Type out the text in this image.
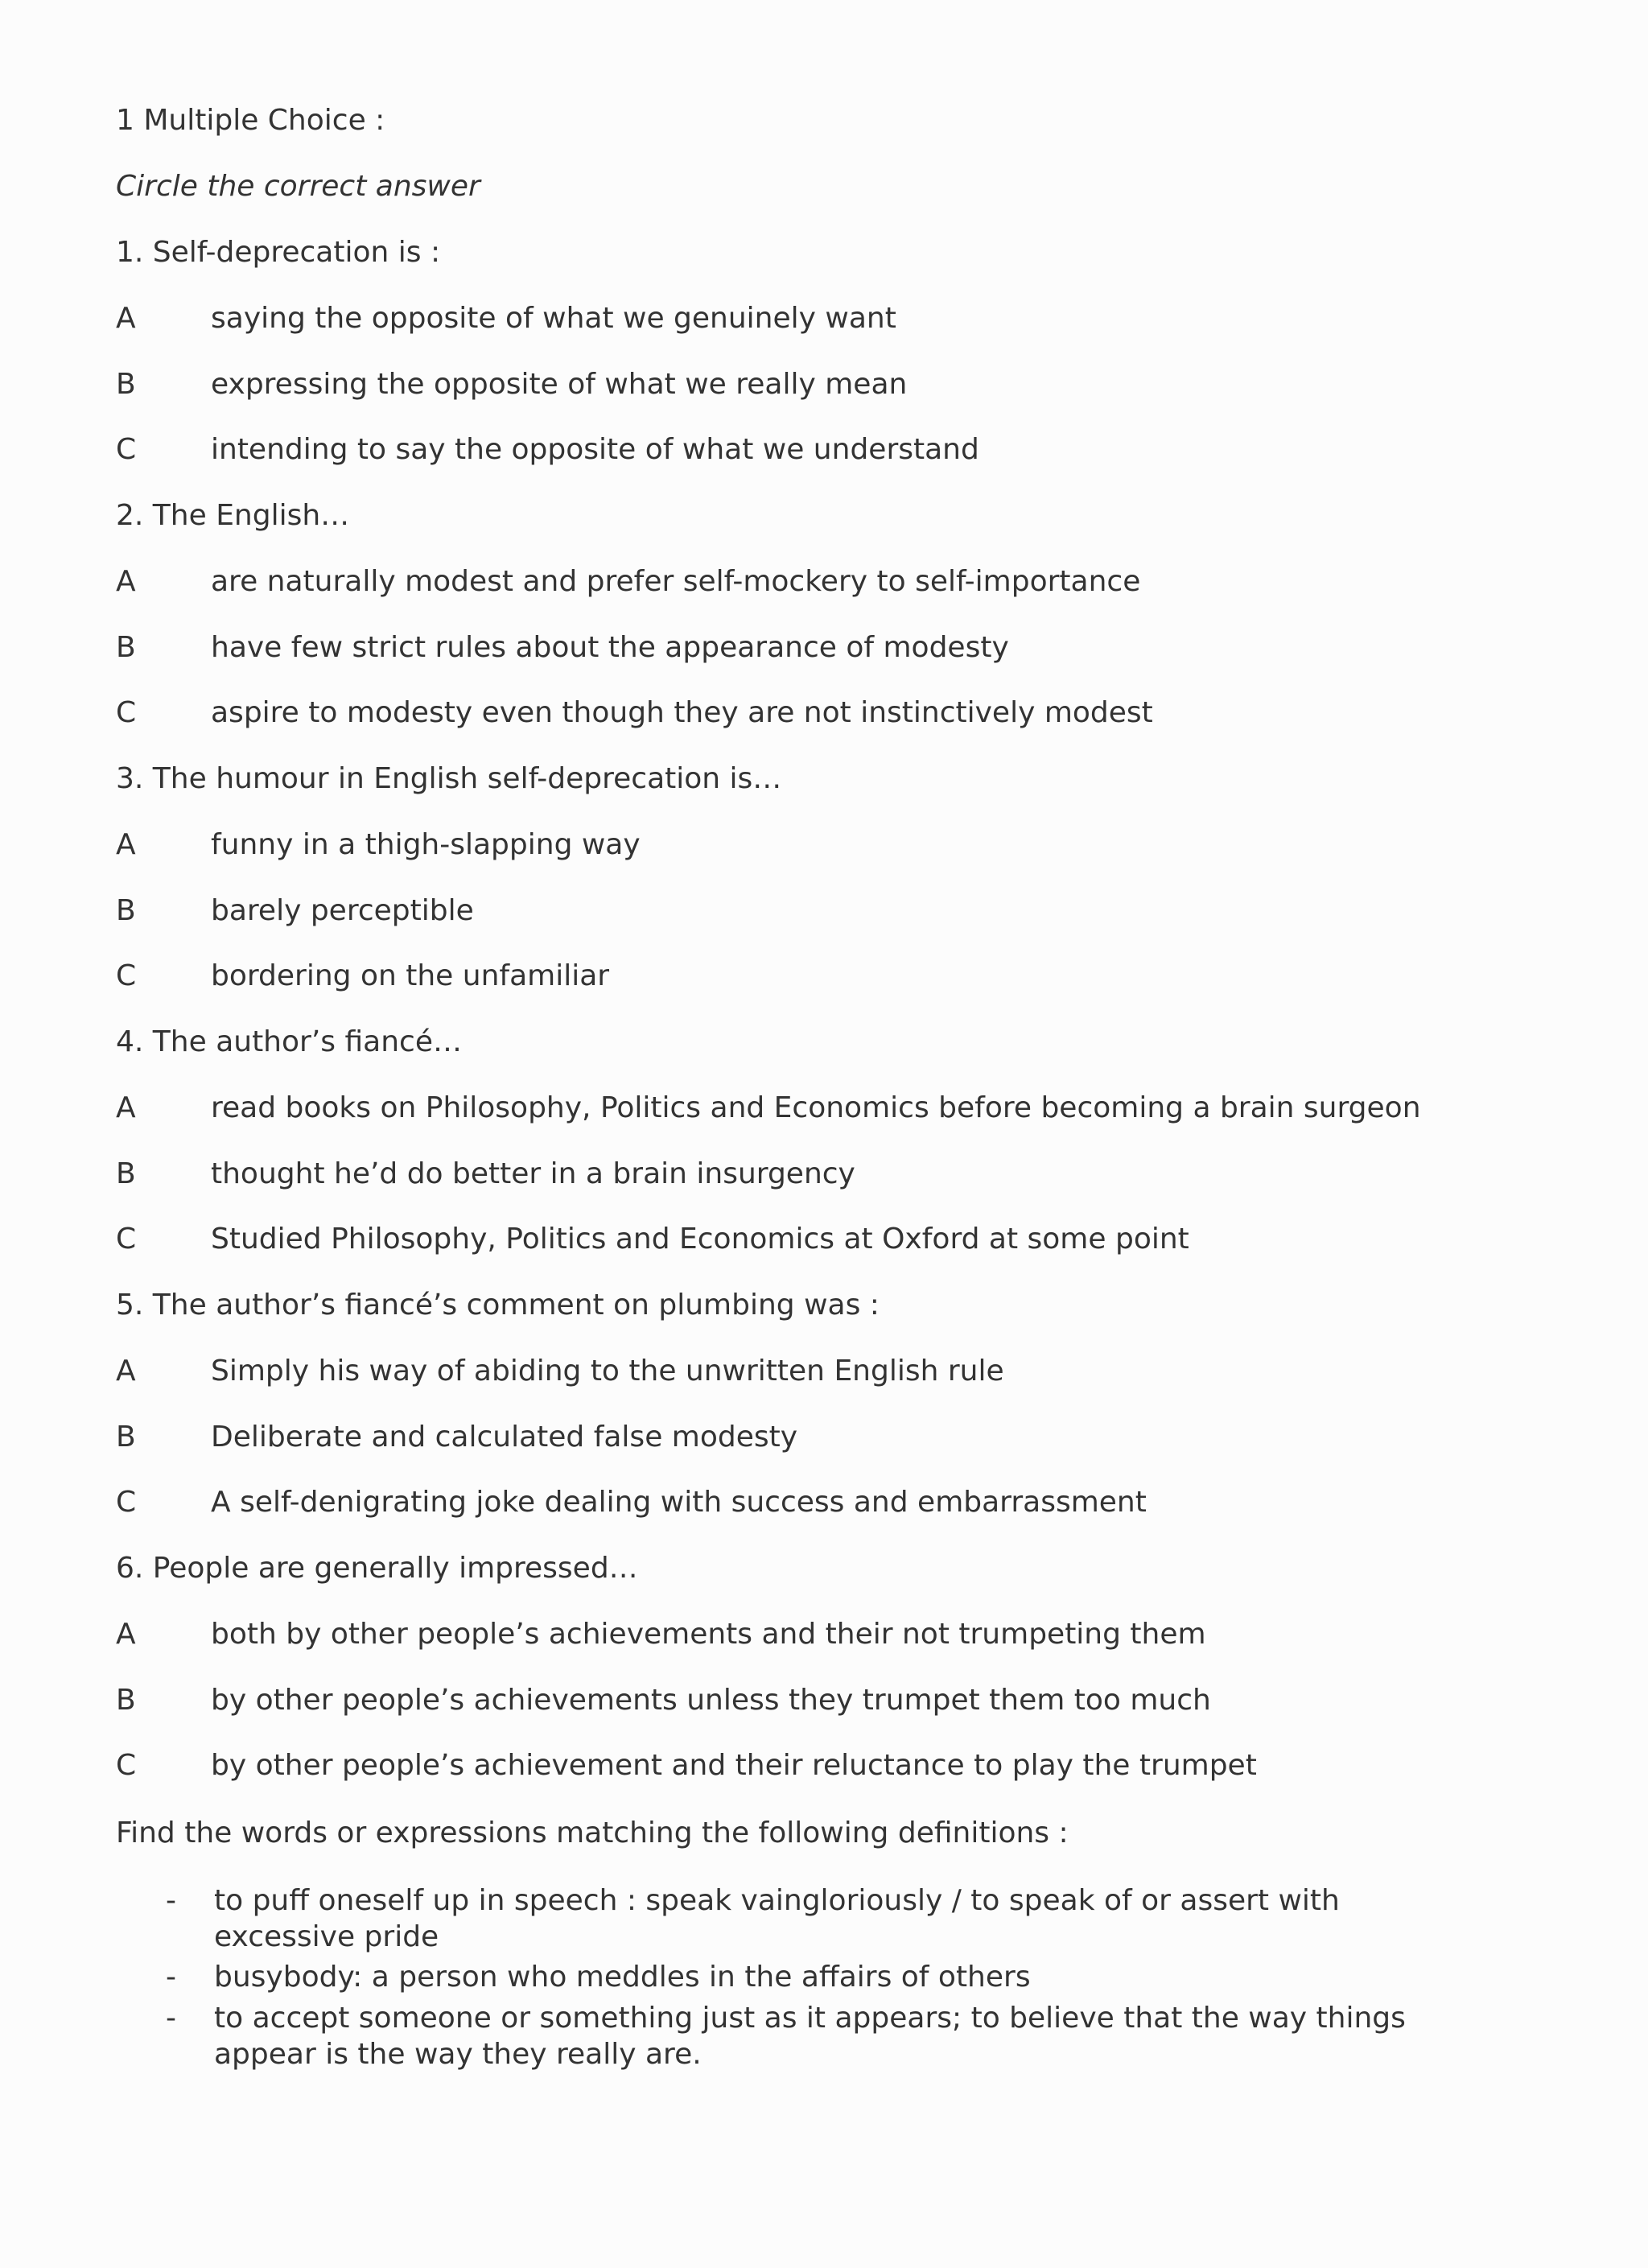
1 Multiple Choice :
Circle the correct answer
1. Self-deprecation is :
A	saying the opposite of what we genuinely want
B	expressing the opposite of what we really mean
C	intending to say the opposite of what we understand
2. The English…
A	are naturally modest and prefer self-mockery to self-importance
B	have few strict rules about the appearance of modesty
C	aspire to modesty even though they are not instinctively modest
3. The humour in English self-deprecation is…
A	funny in a thigh-slapping way
B	barely perceptible
C	bordering on the unfamiliar
4. The author’s fiancé…
A	read books on Philosophy, Politics and Economics before becoming a brain surgeon
B	thought he’d do better in a brain insurgency
C	Studied Philosophy, Politics and Economics at Oxford at some point
5. The author’s fiancé’s comment on plumbing was :
A	Simply his way of abiding to the unwritten English rule
B	Deliberate and calculated false modesty
C	A self-denigrating joke dealing with success and embarrassment
6. People are generally impressed…
A	both by other people’s achievements and their not trumpeting them
B	by other people’s achievements unless they trumpet them too much
C	by other people’s achievement and their reluctance to play the trumpet
Find the words or expressions matching the following definitions :
- to puff oneself up in speech : speak vaingloriously / to speak of or assert with excessive pride
- busybody: a person who meddles in the affairs of others
- to accept someone or something just as it appears; to believe that the way things appear is the way they really are.
